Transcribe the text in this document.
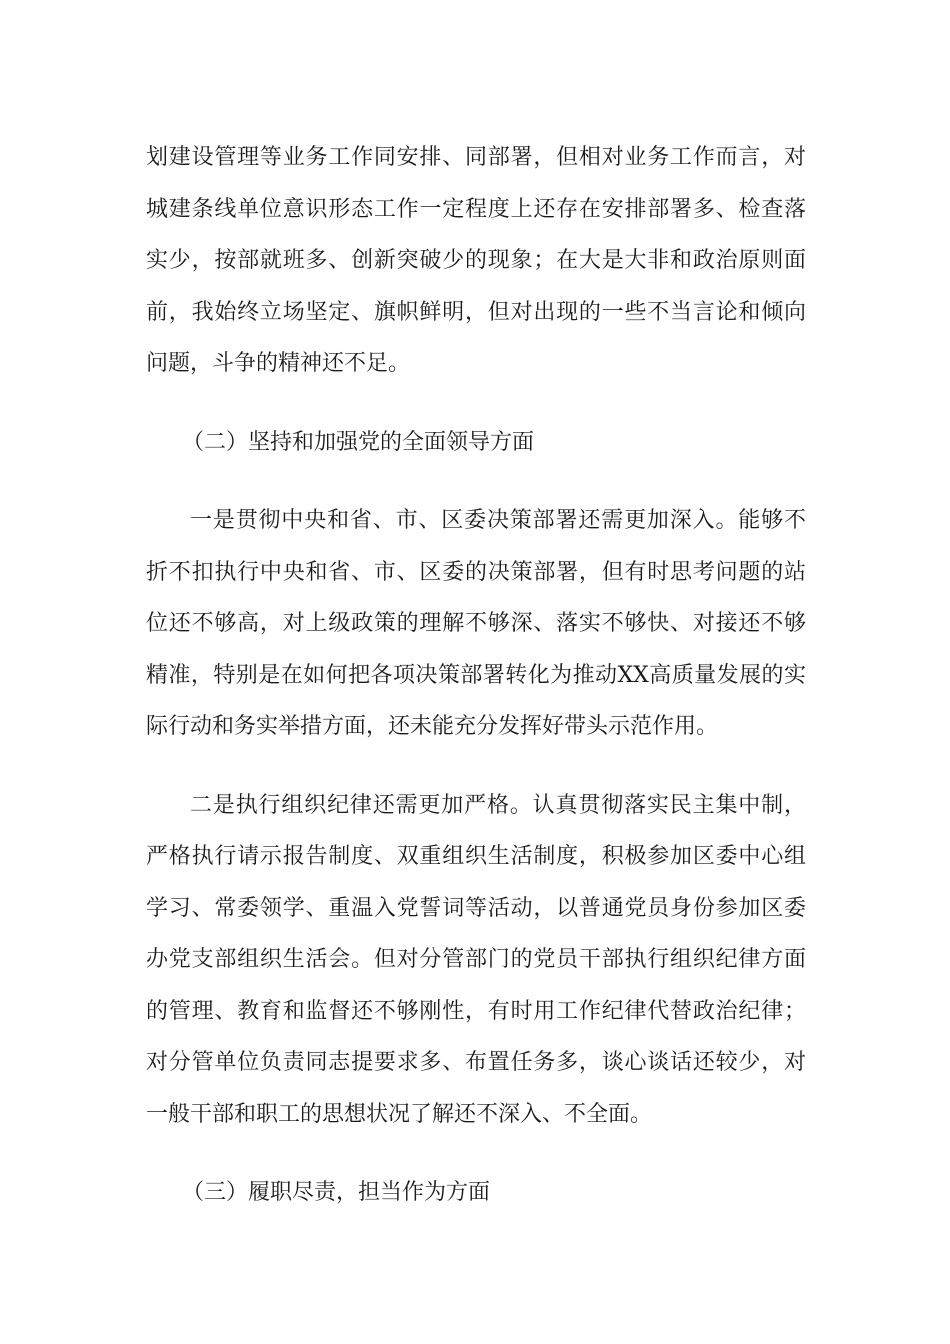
划建设管理等业务工作同安排、同部署，但相对业务工作而言，对
城建条线单位意识形态工作一定程度上还存在安排部署多、检查落
实少，按部就班多、创新突破少的现象；在大是大非和政治原则面
前，我始终立场坚定、旗帜鲜明，但对出现的一些不当言论和倾向
问题，斗争的精神还不足。
（二）坚持和加强党的全面领导方面
一是贯彻中央和省、市、区委决策部署还需更加深入。能够不
折不扣执行中央和省、市、区委的决策部署，但有时思考问题的站
位还不够高，对上级政策的理解不够深、落实不够快、对接还不够
精准，特别是在如何把各项决策部署转化为推动XX高质量发展的实
际行动和务实举措方面，还未能充分发挥好带头示范作用。
二是执行组织纪律还需更加严格。认真贯彻落实民主集中制，
严格执行请示报告制度、双重组织生活制度，积极参加区委中心组
学习、常委领学、重温入党誓词等活动，以普通党员身份参加区委
办党支部组织生活会。但对分管部门的党员干部执行组织纪律方面
的管理、教育和监督还不够刚性，有时用工作纪律代替政治纪律；
对分管单位负责同志提要求多、布置任务多，谈心谈话还较少，对
一般干部和职工的思想状况了解还不深入、不全面。
（三）履职尽责，担当作为方面
